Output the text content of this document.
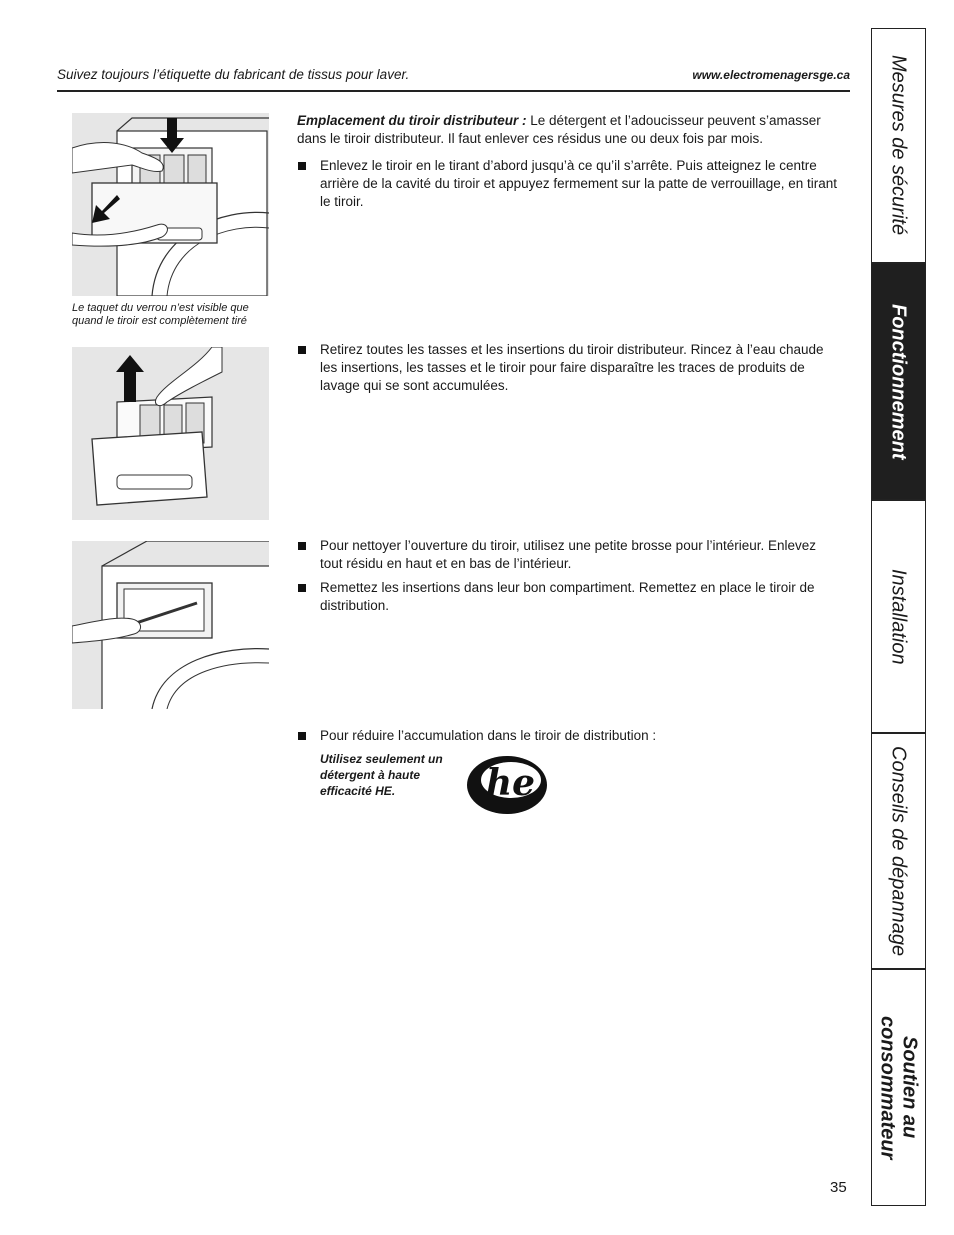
Suivez toujours l’étiquette du fabricant de tissus pour laver.	www.electromenagersge.ca
Le taquet du verrou n’est visible que quand le tiroir est complètement tiré
Emplacement du tiroir distributeur : Le détergent et l’adoucisseur peuvent s’amasser dans le tiroir distributeur. Il faut enlever ces résidus une ou deux fois par mois.
Enlevez le tiroir en le tirant d’abord jusqu’à ce qu’il s’arrête. Puis atteignez le centre arrière de la cavité du tiroir et appuyez fermement sur la patte de verrouillage, en tirant le tiroir.
Retirez toutes les tasses et les insertions du tiroir distributeur. Rincez à l’eau chaude les insertions, les tasses et le tiroir pour faire disparaître les traces de produits de lavage qui se sont accumulées.
Pour nettoyer l’ouverture du tiroir, utilisez une petite brosse pour l’intérieur. Enlevez tout résidu en haut et en bas de l’intérieur.
Remettez les insertions dans leur bon compartiment. Remettez en place le tiroir de distribution.
Pour réduire l’accumulation dans le tiroir de distribution :
Utilisez seulement un détergent à haute efficacité HE.	he
Mesures de sécurité
Fonctionnement
Installation
Conseils de dépannage
Soutien au
consommateur
35
